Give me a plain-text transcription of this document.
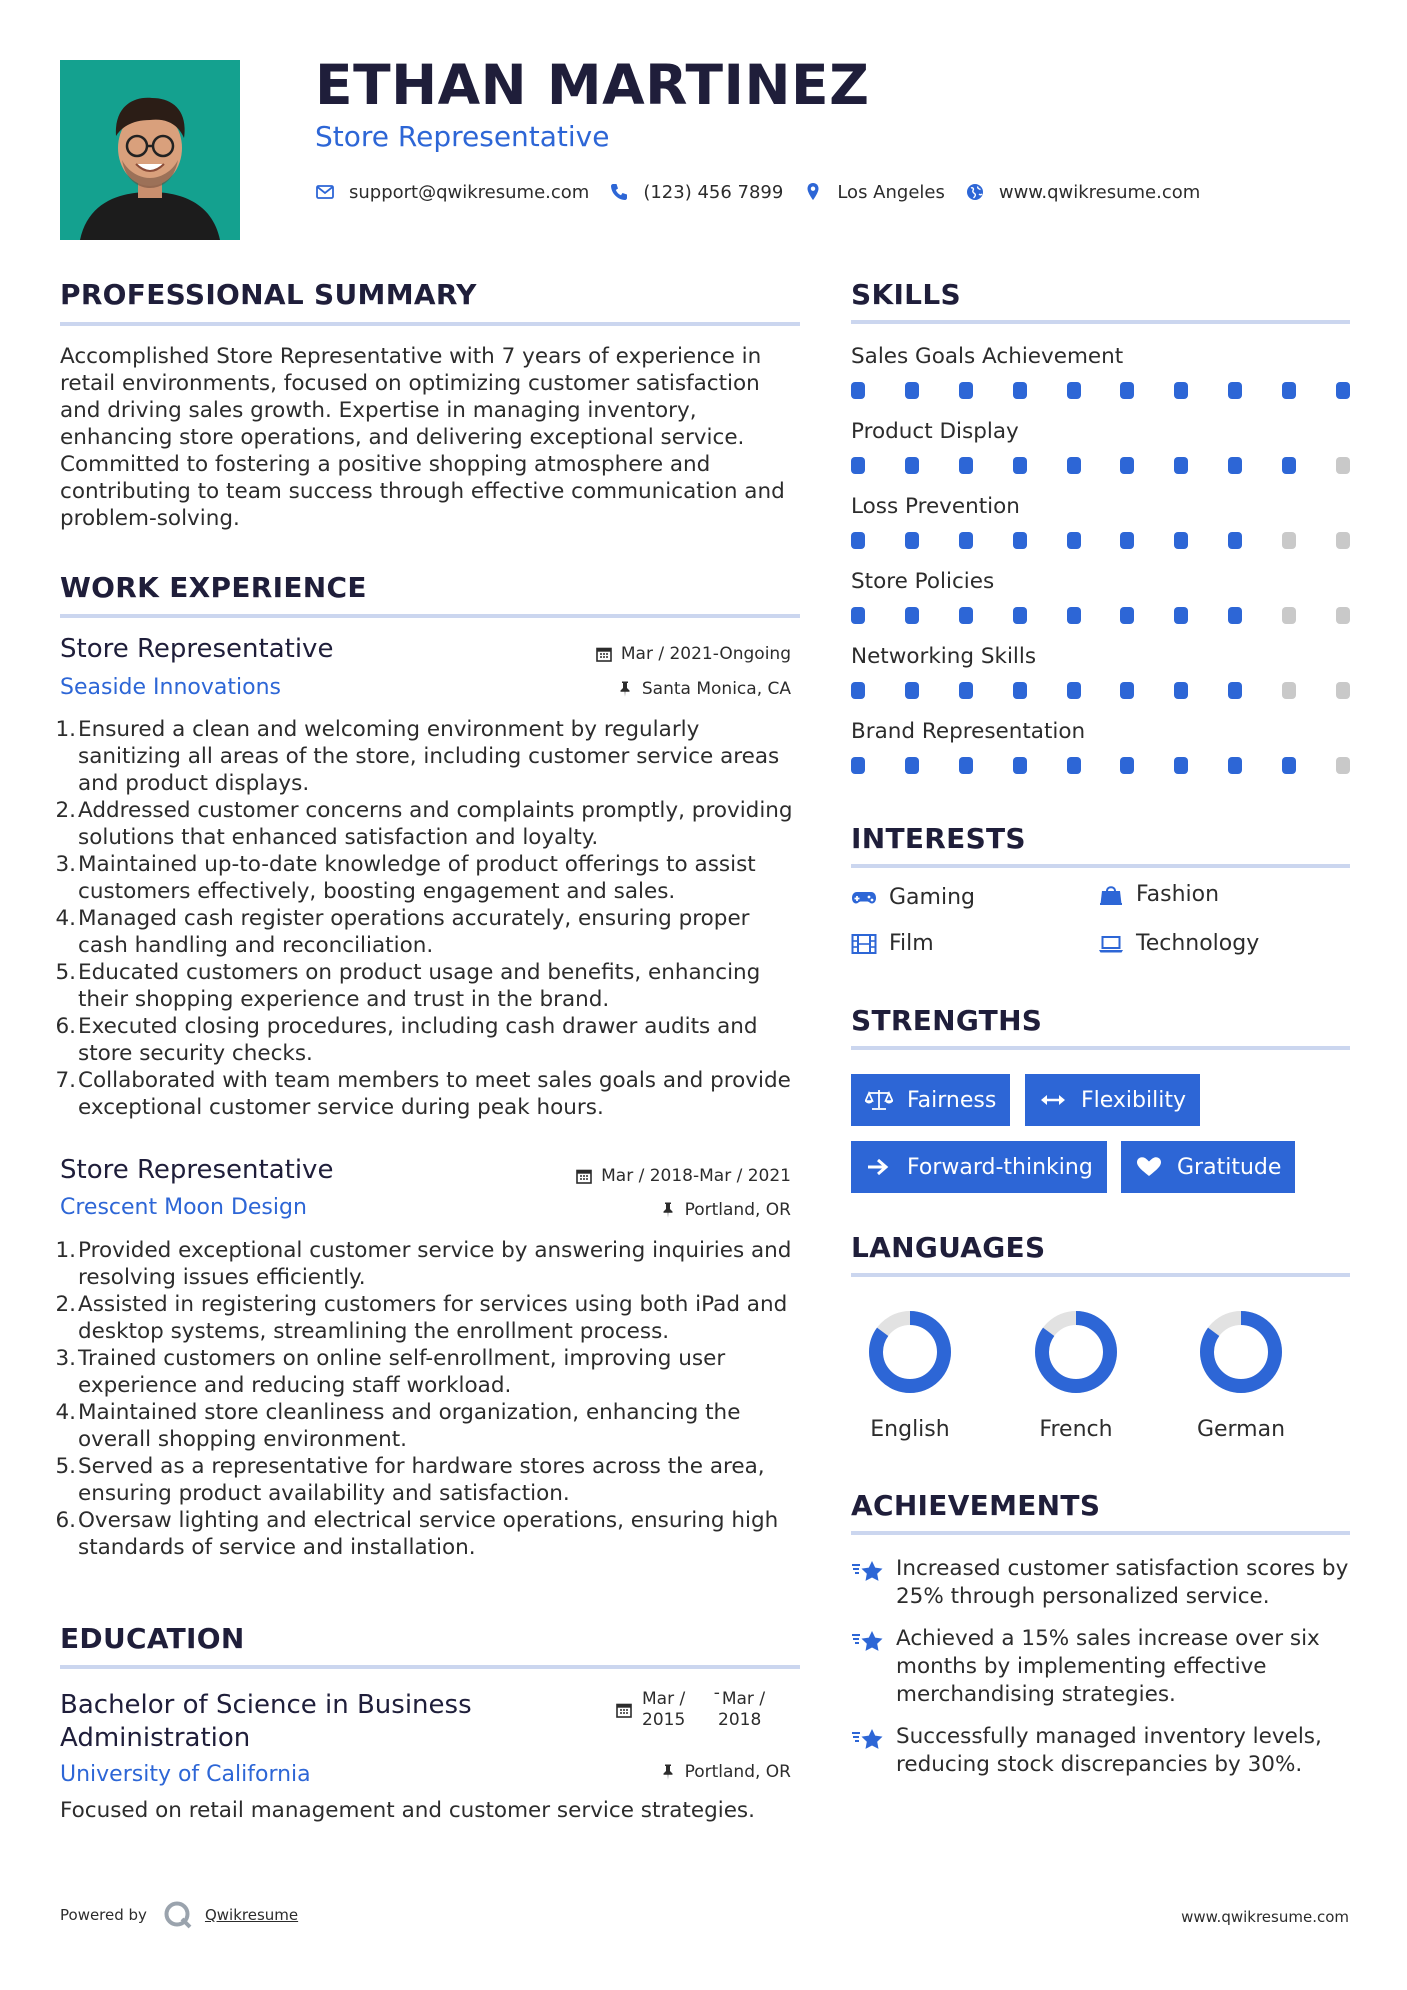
ETHAN MARTINEZ
Store Representative
support@qwikresume.com	(123) 456 7899	Los Angeles	www.qwikresume.com
PROFESSIONAL SUMMARY

Accomplished Store Representative with 7 years of experience in retail environments, focused on optimizing customer satisfaction and driving sales growth. Expertise in managing inventory, enhancing store operations, and delivering exceptional service. Committed to fostering a positive shopping atmosphere and contributing to team success through effective communication and problem-solving.

WORK EXPERIENCE
Store Representative	Mar / 2021-Ongoing
Seaside Innovations	Santa Monica, CA
1. Ensured a clean and welcoming environment by regularly sanitizing all areas of the store, including customer service areas and product displays.
2. Addressed customer concerns and complaints promptly, providing solutions that enhanced satisfaction and loyalty.
3. Maintained up-to-date knowledge of product offerings to assist customers effectively, boosting engagement and sales.
4. Managed cash register operations accurately, ensuring proper cash handling and reconciliation.
5. Educated customers on product usage and benefits, enhancing their shopping experience and trust in the brand.
6. Executed closing procedures, including cash drawer audits and store security checks.
7. Collaborated with team members to meet sales goals and provide exceptional customer service during peak hours.
Store Representative	Mar / 2018-Mar / 2021
Crescent Moon Design	Portland, OR
1. Provided exceptional customer service by answering inquiries and resolving issues efficiently.
2. Assisted in registering customers for services using both iPad and desktop systems, streamlining the enrollment process.
3. Trained customers on online self-enrollment, improving user experience and reducing staff workload.
4. Maintained store cleanliness and organization, enhancing the overall shopping environment.
5. Served as a representative for hardware stores across the area, ensuring product availability and satisfaction.
6. Oversaw lighting and electrical service operations, ensuring high standards of service and installation.
EDUCATION
Bachelor of Science in Business Administration
Mar /
2015
 - Mar /
2018
University of California	Portland, OR
Focused on retail management and customer service strategies.
SKILLS
Sales Goals Achievement
Product Display
Loss Prevention
Store Policies
Networking Skills
Brand Representation
INTERESTS
Gaming	Fashion
Film	Technology
STRENGTHS
Fairness	Flexibility
Forward-thinking	Gratitude
LANGUAGES
English	French	German
ACHIEVEMENTS
Increased customer satisfaction scores by 25% through personalized service.
Achieved a 15% sales increase over six months by implementing effective merchandising strategies.
Successfully managed inventory levels, reducing stock discrepancies by 30%.
Powered by	Qwikresume	www.qwikresume.com
